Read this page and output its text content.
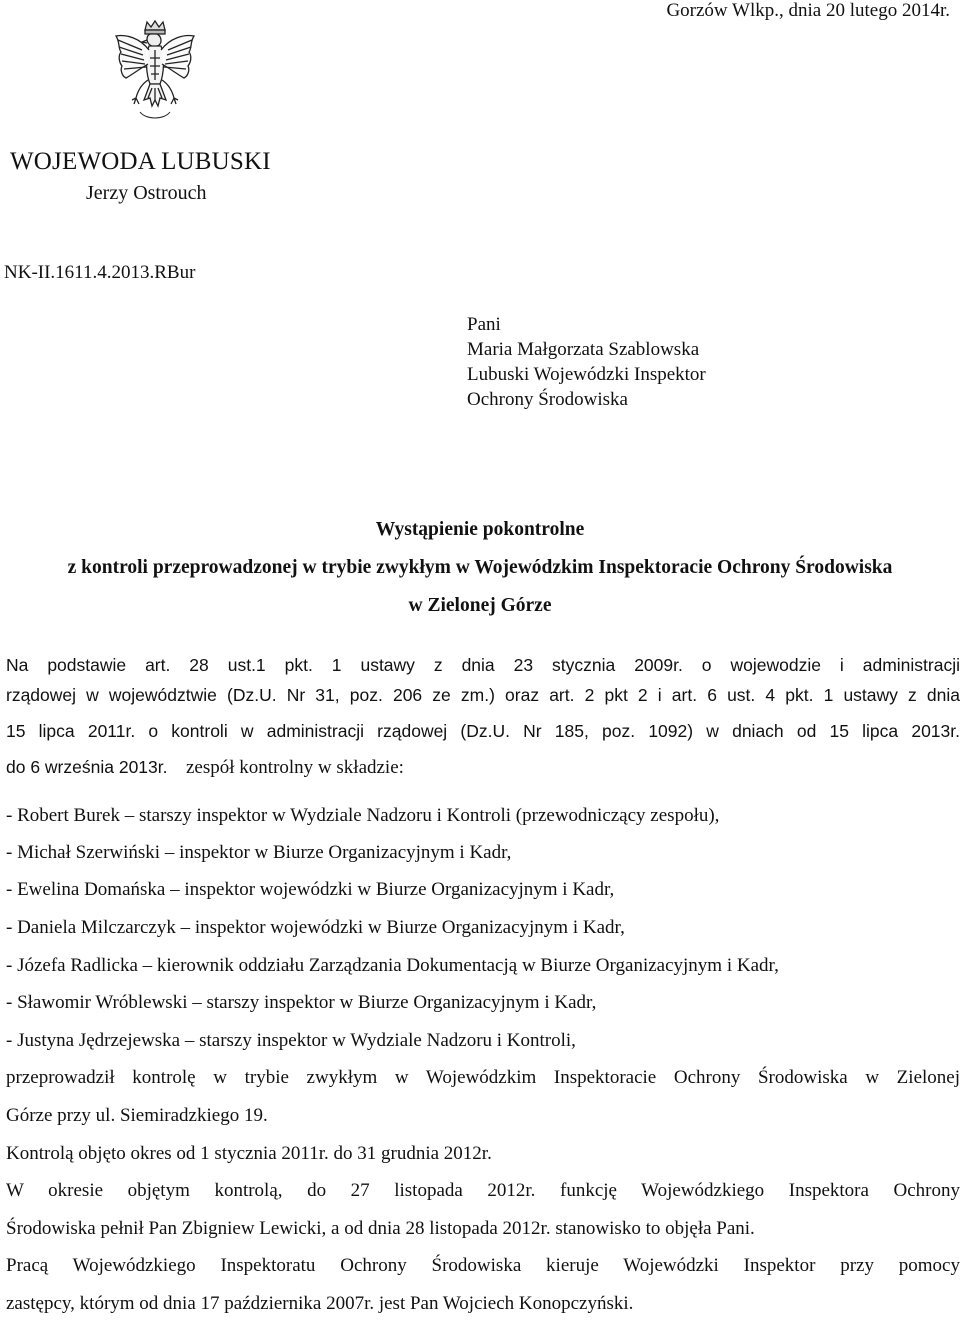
Gorzów Wlkp., dnia 20 lutego 2014r.
WOJEWODA LUBUSKI
Jerzy Ostrouch
NK-II.1611.4.2013.RBur
Pani
Maria Małgorzata Szablowska
Lubuski Wojewódzki Inspektor
Ochrony Środowiska
Wystąpienie pokontrolne
z kontroli przeprowadzonej w trybie zwykłym w Wojewódzkim Inspektoracie Ochrony Środowiska
w Zielonej Górze
Na podstawie art. 28 ust.1 pkt. 1 ustawy z dnia 23 stycznia 2009r. o wojewodzie i administracji
rządowej w województwie (Dz.U. Nr 31, poz. 206 ze zm.) oraz art. 2 pkt 2 i art. 6 ust. 4 pkt. 1 ustawy z dnia
15 lipca 2011r. o kontroli w administracji rządowej (Dz.U. Nr 185, poz. 1092) w dniach od 15 lipca 2013r.
do 6 września 2013r. zespół kontrolny w składzie:
- Robert Burek – starszy inspektor w Wydziale Nadzoru i Kontroli (przewodniczący zespołu),
- Michał Szerwiński – inspektor w Biurze Organizacyjnym i Kadr,
- Ewelina Domańska – inspektor wojewódzki w Biurze Organizacyjnym i Kadr,
- Daniela Milczarczyk – inspektor wojewódzki w Biurze Organizacyjnym i Kadr,
- Józefa Radlicka – kierownik oddziału Zarządzania Dokumentacją w Biurze Organizacyjnym i Kadr,
- Sławomir Wróblewski – starszy inspektor w Biurze Organizacyjnym i Kadr,
- Justyna Jędrzejewska – starszy inspektor w Wydziale Nadzoru i Kontroli,
przeprowadził kontrolę w trybie zwykłym w Wojewódzkim Inspektoracie Ochrony Środowiska w Zielonej
Górze przy ul. Siemiradzkiego 19.
Kontrolą objęto okres od 1 stycznia 2011r. do 31 grudnia 2012r.
W okresie objętym kontrolą, do 27 listopada 2012r. funkcję Wojewódzkiego Inspektora Ochrony
Środowiska pełnił Pan Zbigniew Lewicki, a od dnia 28 listopada 2012r. stanowisko to objęła Pani.
Pracą Wojewódzkiego Inspektoratu Ochrony Środowiska kieruje Wojewódzki Inspektor przy pomocy
zastępcy, którym od dnia 17 października 2007r. jest Pan Wojciech Konopczyński.
